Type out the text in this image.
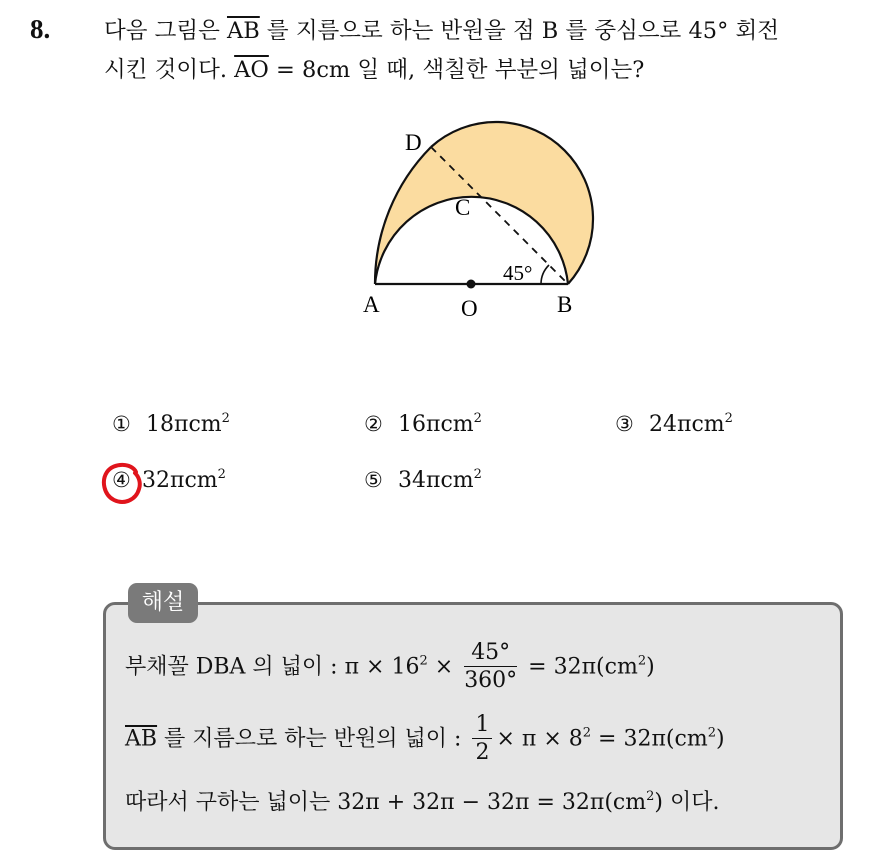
8. 다음 그림은 $\overline{AB}$ 를 지름으로 하는 반원을 점 B 를 중심으로 45° 회전
시킨 것이다. $\overline{AO} = 8cm$ 일 때, 색칠한 부분의 넓이는?
D
C
A	O	B
45°
① 18πcm$^2$	② 16πcm$^2$	③ 24πcm$^2$
④ 32πcm$^2$	⑤ 34πcm$^2$
해설
부채꼴 DBA 의 넓이 : $\pi \times 16^2 \times \frac{45^\circ}{360^\circ} = 32\pi(cm^2)$
$\overline{AB}$ 를 지름으로 하는 반원의 넓이 : $\frac{1}{2} \times \pi \times 8^2 = 32\pi(cm^2)$
따라서 구하는 넓이는 $32\pi + 32\pi - 32\pi = 32\pi(cm^2)$ 이다.
